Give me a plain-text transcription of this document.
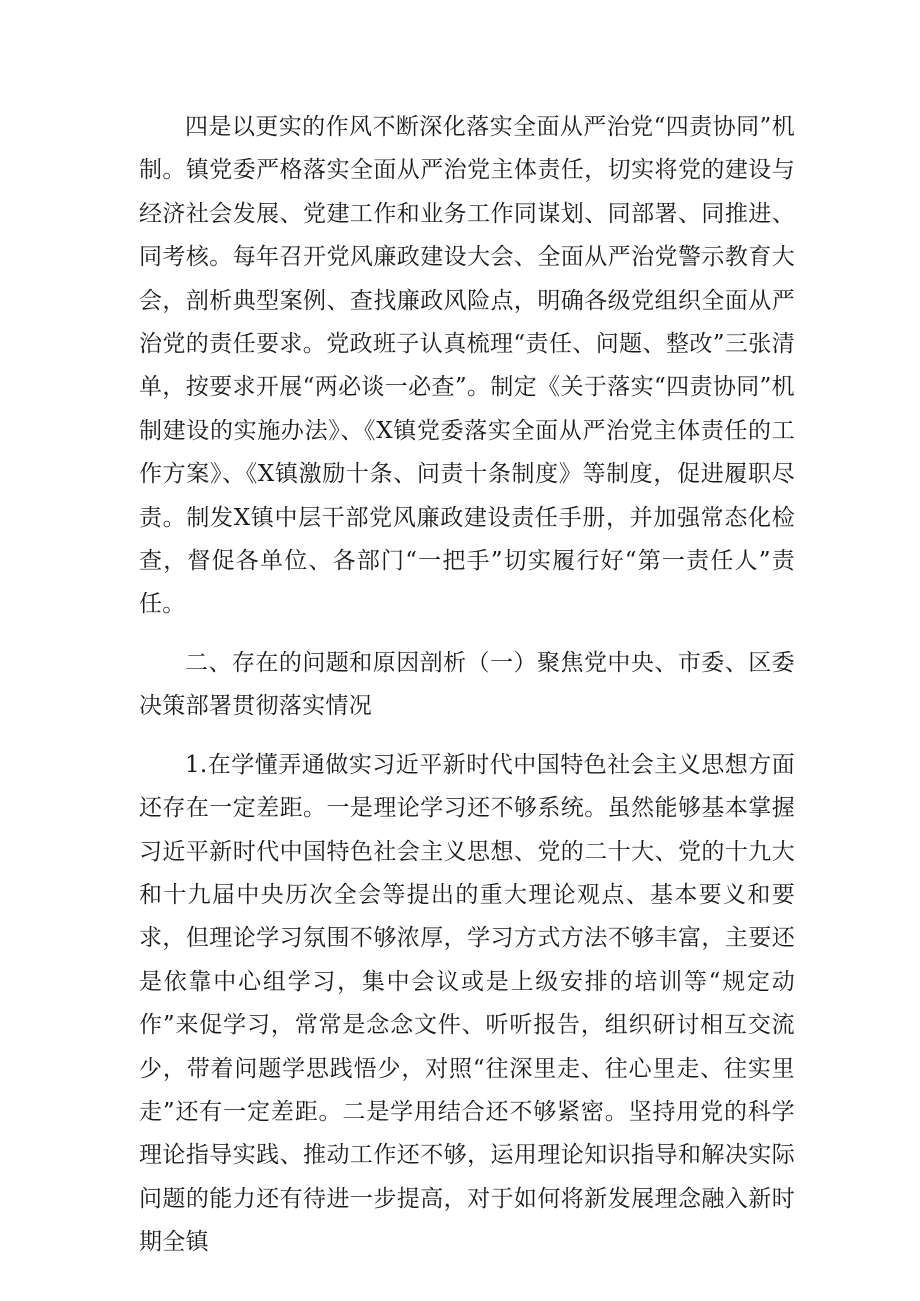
四是以更实的作风不断深化落实全面从严治党“四责协同”机制。镇党委严格落实全面从严治党主体责任，切实将党的建设与经济社会发展、党建工作和业务工作同谋划、同部署、同推进、同考核。每年召开党风廉政建设大会、全面从严治党警示教育大会，剖析典型案例、查找廉政风险点，明确各级党组织全面从严治党的责任要求。党政班子认真梳理“责任、问题、整改”三张清单，按要求开展“两必谈一必查”。制定《关于落实“四责协同”机制建设的实施办法》、《X镇党委落实全面从严治党主体责任的工作方案》、《X镇激励十条、问责十条制度》等制度，促进履职尽责。制发X镇中层干部党风廉政建设责任手册，并加强常态化检查，督促各单位、各部门“一把手”切实履行好“第一责任人”责任。

二、存在的问题和原因剖析（一）聚焦党中央、市委、区委决策部署贯彻落实情况

1.在学懂弄通做实习近平新时代中国特色社会主义思想方面还存在一定差距。一是理论学习还不够系统。虽然能够基本掌握习近平新时代中国特色社会主义思想、党的二十大、党的十九大和十九届中央历次全会等提出的重大理论观点、基本要义和要求，但理论学习氛围不够浓厚，学习方式方法不够丰富，主要还是依靠中心组学习，集中会议或是上级安排的培训等“规定动作”来促学习，常常是念念文件、听听报告，组织研讨相互交流少，带着问题学思践悟少，对照“往深里走、往心里走、往实里走”还有一定差距。二是学用结合还不够紧密。坚持用党的科学理论指导实践、推动工作还不够，运用理论知识指导和解决实际问题的能力还有待进一步提高，对于如何将新发展理念融入新时期全镇
